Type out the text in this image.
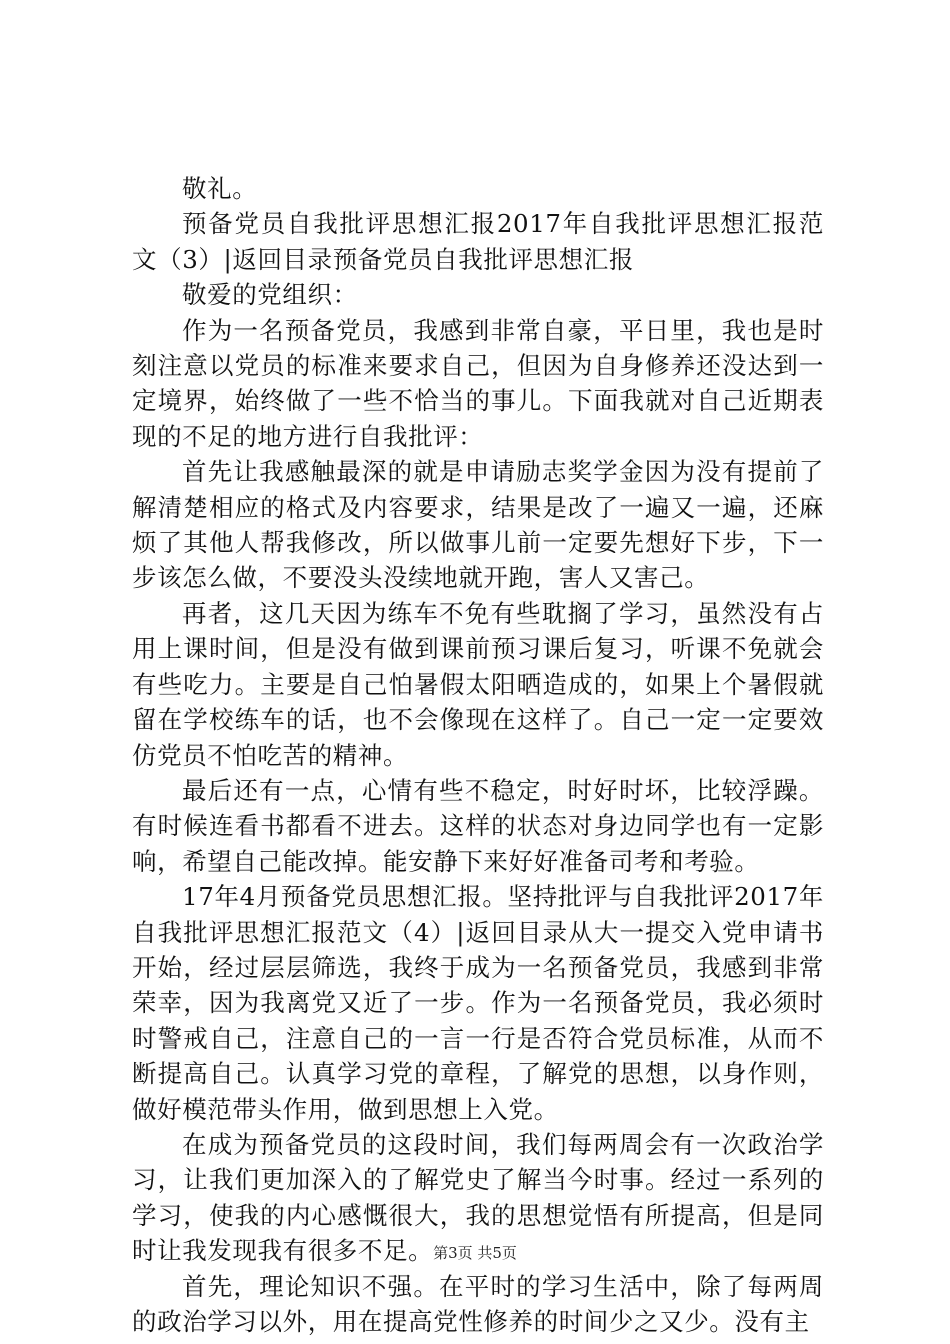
敬礼。

预备党员自我批评思想汇报2017年自我批评思想汇报范文（3）|返回目录预备党员自我批评思想汇报

敬爱的党组织：

作为一名预备党员，我感到非常自豪，平日里，我也是时刻注意以党员的标准来要求自己，但因为自身修养还没达到一定境界，始终做了一些不恰当的事儿。下面我就对自己近期表现的不足的地方进行自我批评：

首先让我感触最深的就是申请励志奖学金因为没有提前了解清楚相应的格式及内容要求，结果是改了一遍又一遍，还麻烦了其他人帮我修改，所以做事儿前一定要先想好下步，下一步该怎么做，不要没头没续地就开跑，害人又害己。

再者，这几天因为练车不免有些耽搁了学习，虽然没有占用上课时间，但是没有做到课前预习课后复习，听课不免就会有些吃力。主要是自己怕暑假太阳晒造成的，如果上个暑假就留在学校练车的话，也不会像现在这样了。自己一定一定要效仿党员不怕吃苦的精神。

最后还有一点，心情有些不稳定，时好时坏，比较浮躁。有时候连看书都看不进去。这样的状态对身边同学也有一定影响，希望自己能改掉。能安静下来好好准备司考和考验。

17年4月预备党员思想汇报。坚持批评与自我批评2017年自我批评思想汇报范文（4）|返回目录从大一提交入党申请书开始，经过层层筛选，我终于成为一名预备党员，我感到非常荣幸，因为我离党又近了一步。作为一名预备党员，我必须时时警戒自己，注意自己的一言一行是否符合党员标准，从而不断提高自己。认真学习党的章程，了解党的思想，以身作则，做好模范带头作用，做到思想上入党。

在成为预备党员的这段时间，我们每两周会有一次政治学习，让我们更加深入的了解党史了解当今时事。经过一系列的学习，使我的内心感慨很大，我的思想觉悟有所提高，但是同时让我发现我有很多不足。

首先，理论知识不强。在平时的学习生活中，除了每两周的政治学习以外，用在提高党性修养的时间少之又少。没有主

第3页 共5页
